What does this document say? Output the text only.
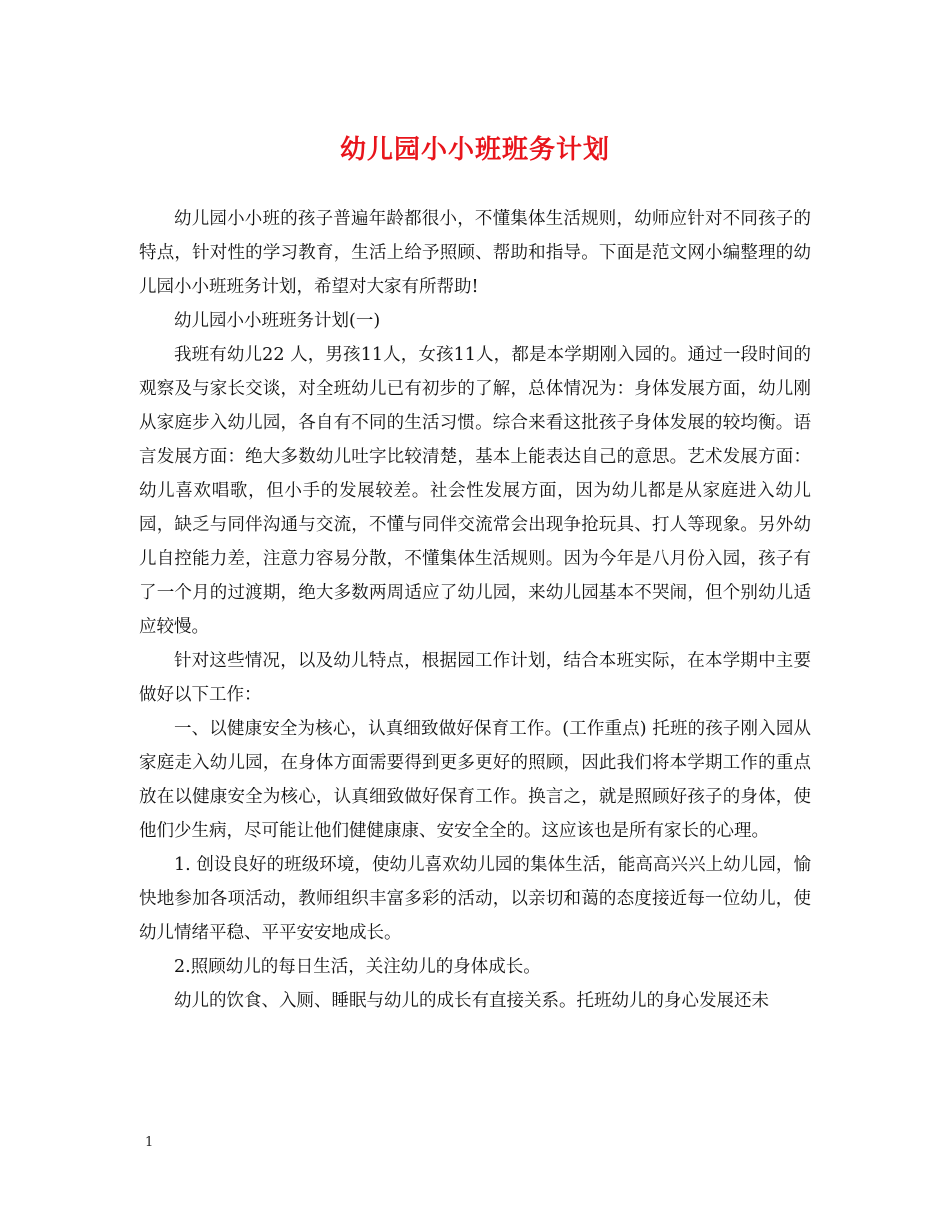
幼儿园小小班班务计划

幼儿园小小班的孩子普遍年龄都很小，不懂集体生活规则，幼师应针对不同孩子的特点，针对性的学习教育，生活上给予照顾、帮助和指导。下面是范文网小编整理的幼儿园小小班班务计划，希望对大家有所帮助!

幼儿园小小班班务计划(一)

我班有幼儿22 人，男孩11人，女孩11人，都是本学期刚入园的。通过一段时间的观察及与家长交谈，对全班幼儿已有初步的了解，总体情况为：身体发展方面，幼儿刚从家庭步入幼儿园，各自有不同的生活习惯。综合来看这批孩子身体发展的较均衡。语言发展方面：绝大多数幼儿吐字比较清楚，基本上能表达自己的意思。艺术发展方面：幼儿喜欢唱歌，但小手的发展较差。社会性发展方面，因为幼儿都是从家庭进入幼儿园，缺乏与同伴沟通与交流，不懂与同伴交流常会出现争抢玩具、打人等现象。另外幼儿自控能力差，注意力容易分散，不懂集体生活规则。因为今年是八月份入园，孩子有了一个月的过渡期，绝大多数两周适应了幼儿园，来幼儿园基本不哭闹，但个别幼儿适应较慢。

针对这些情况，以及幼儿特点，根据园工作计划，结合本班实际，在本学期中主要做好以下工作：

一、以健康安全为核心，认真细致做好保育工作。(工作重点) 托班的孩子刚入园从家庭走入幼儿园，在身体方面需要得到更多更好的照顾，因此我们将本学期工作的重点放在以健康安全为核心，认真细致做好保育工作。换言之，就是照顾好孩子的身体，使他们少生病，尽可能让他们健健康康、安安全全的。这应该也是所有家长的心理。

1. 创设良好的班级环境，使幼儿喜欢幼儿园的集体生活，能高高兴兴上幼儿园，愉快地参加各项活动，教师组织丰富多彩的活动，以亲切和蔼的态度接近每一位幼儿，使幼儿情绪平稳、平平安安地成长。

2.照顾幼儿的每日生活，关注幼儿的身体成长。

幼儿的饮食、入厕、睡眠与幼儿的成长有直接关系。托班幼儿的身心发展还未

1
